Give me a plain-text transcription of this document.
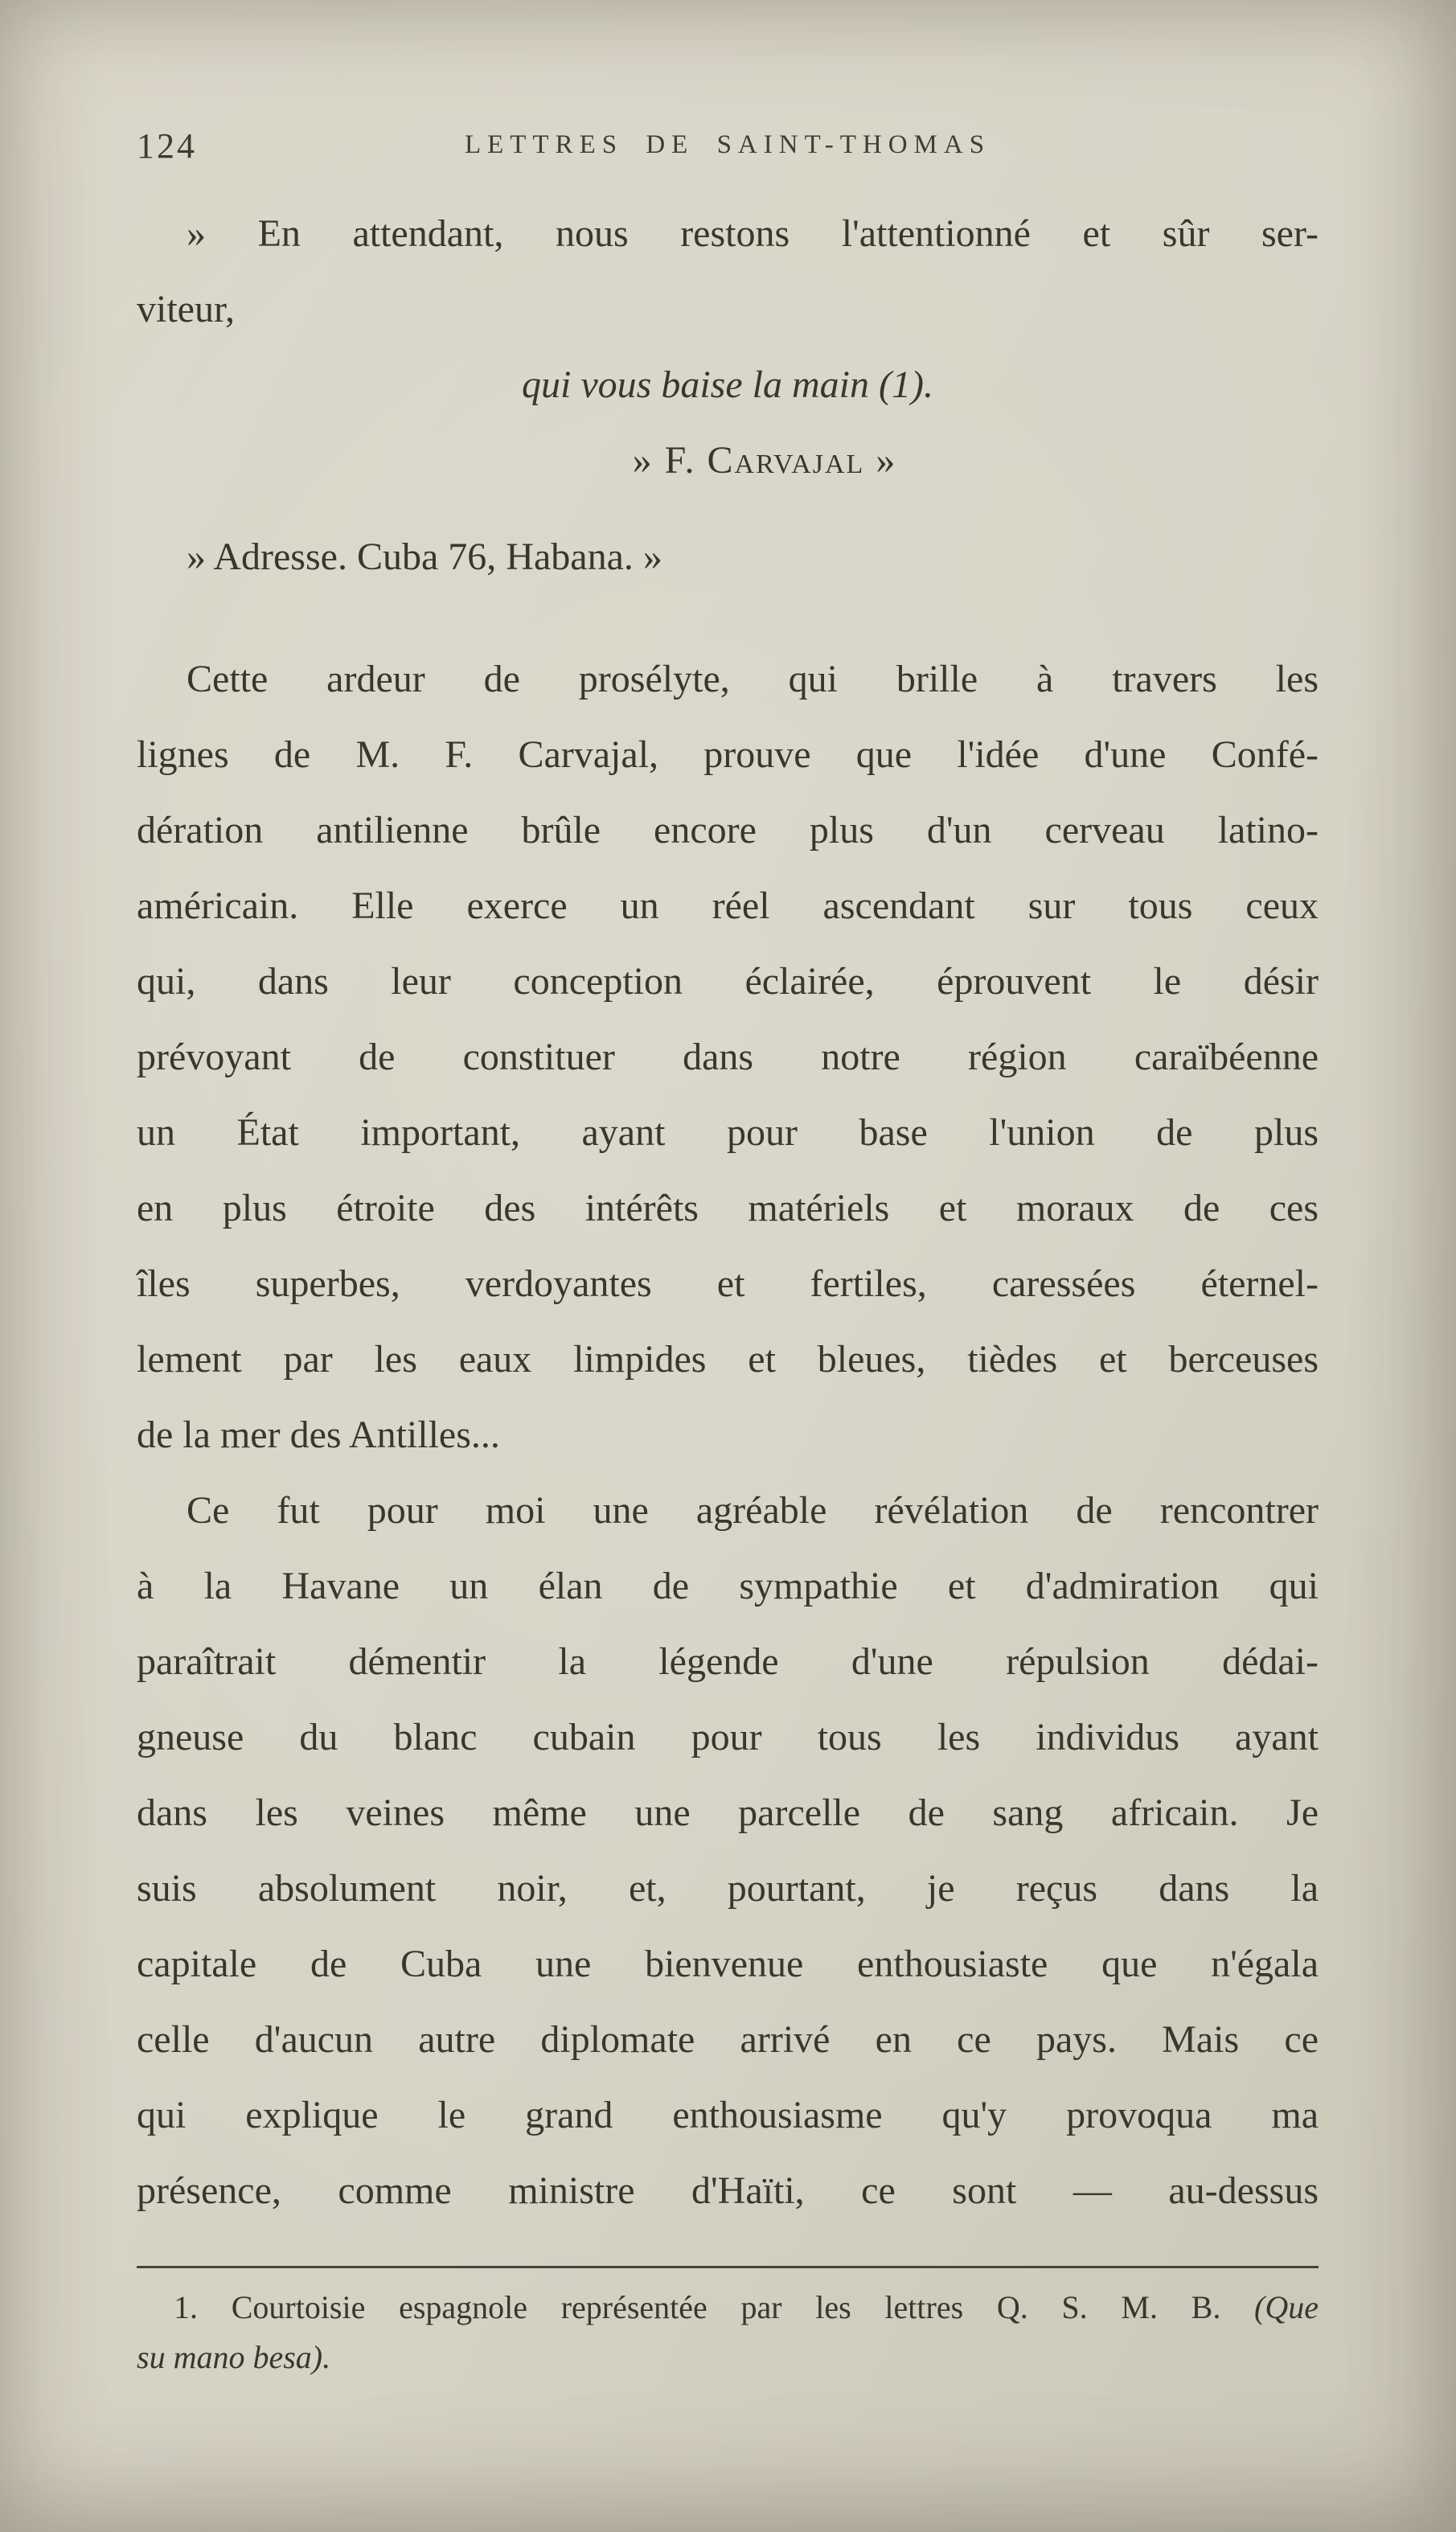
124	LETTRES DE SAINT-THOMAS
» En attendant, nous restons l'attentionné et sûr ser-
viteur,
qui vous baise la main (1).
» F. Carvajal »
» Adresse. Cuba 76, Habana. »
Cette ardeur de prosélyte, qui brille à travers les
lignes de M. F. Carvajal, prouve que l'idée d'une Confé-
dération antilienne brûle encore plus d'un cerveau latino-
américain. Elle exerce un réel ascendant sur tous ceux
qui, dans leur conception éclairée, éprouvent le désir
prévoyant de constituer dans notre région caraïbéenne
un État important, ayant pour base l'union de plus
en plus étroite des intérêts matériels et moraux de ces
îles superbes, verdoyantes et fertiles, caressées éternel-
lement par les eaux limpides et bleues, tièdes et berceuses
de la mer des Antilles...
Ce fut pour moi une agréable révélation de rencontrer
à la Havane un élan de sympathie et d'admiration qui
paraîtrait démentir la légende d'une répulsion dédai-
gneuse du blanc cubain pour tous les individus ayant
dans les veines même une parcelle de sang africain. Je
suis absolument noir, et, pourtant, je reçus dans la
capitale de Cuba une bienvenue enthousiaste que n'égala
celle d'aucun autre diplomate arrivé en ce pays. Mais ce
qui explique le grand enthousiasme qu'y provoqua ma
présence, comme ministre d'Haïti, ce sont — au-dessus
1. Courtoisie espagnole représentée par les lettres Q. S. M. B. (Que
su mano besa).
